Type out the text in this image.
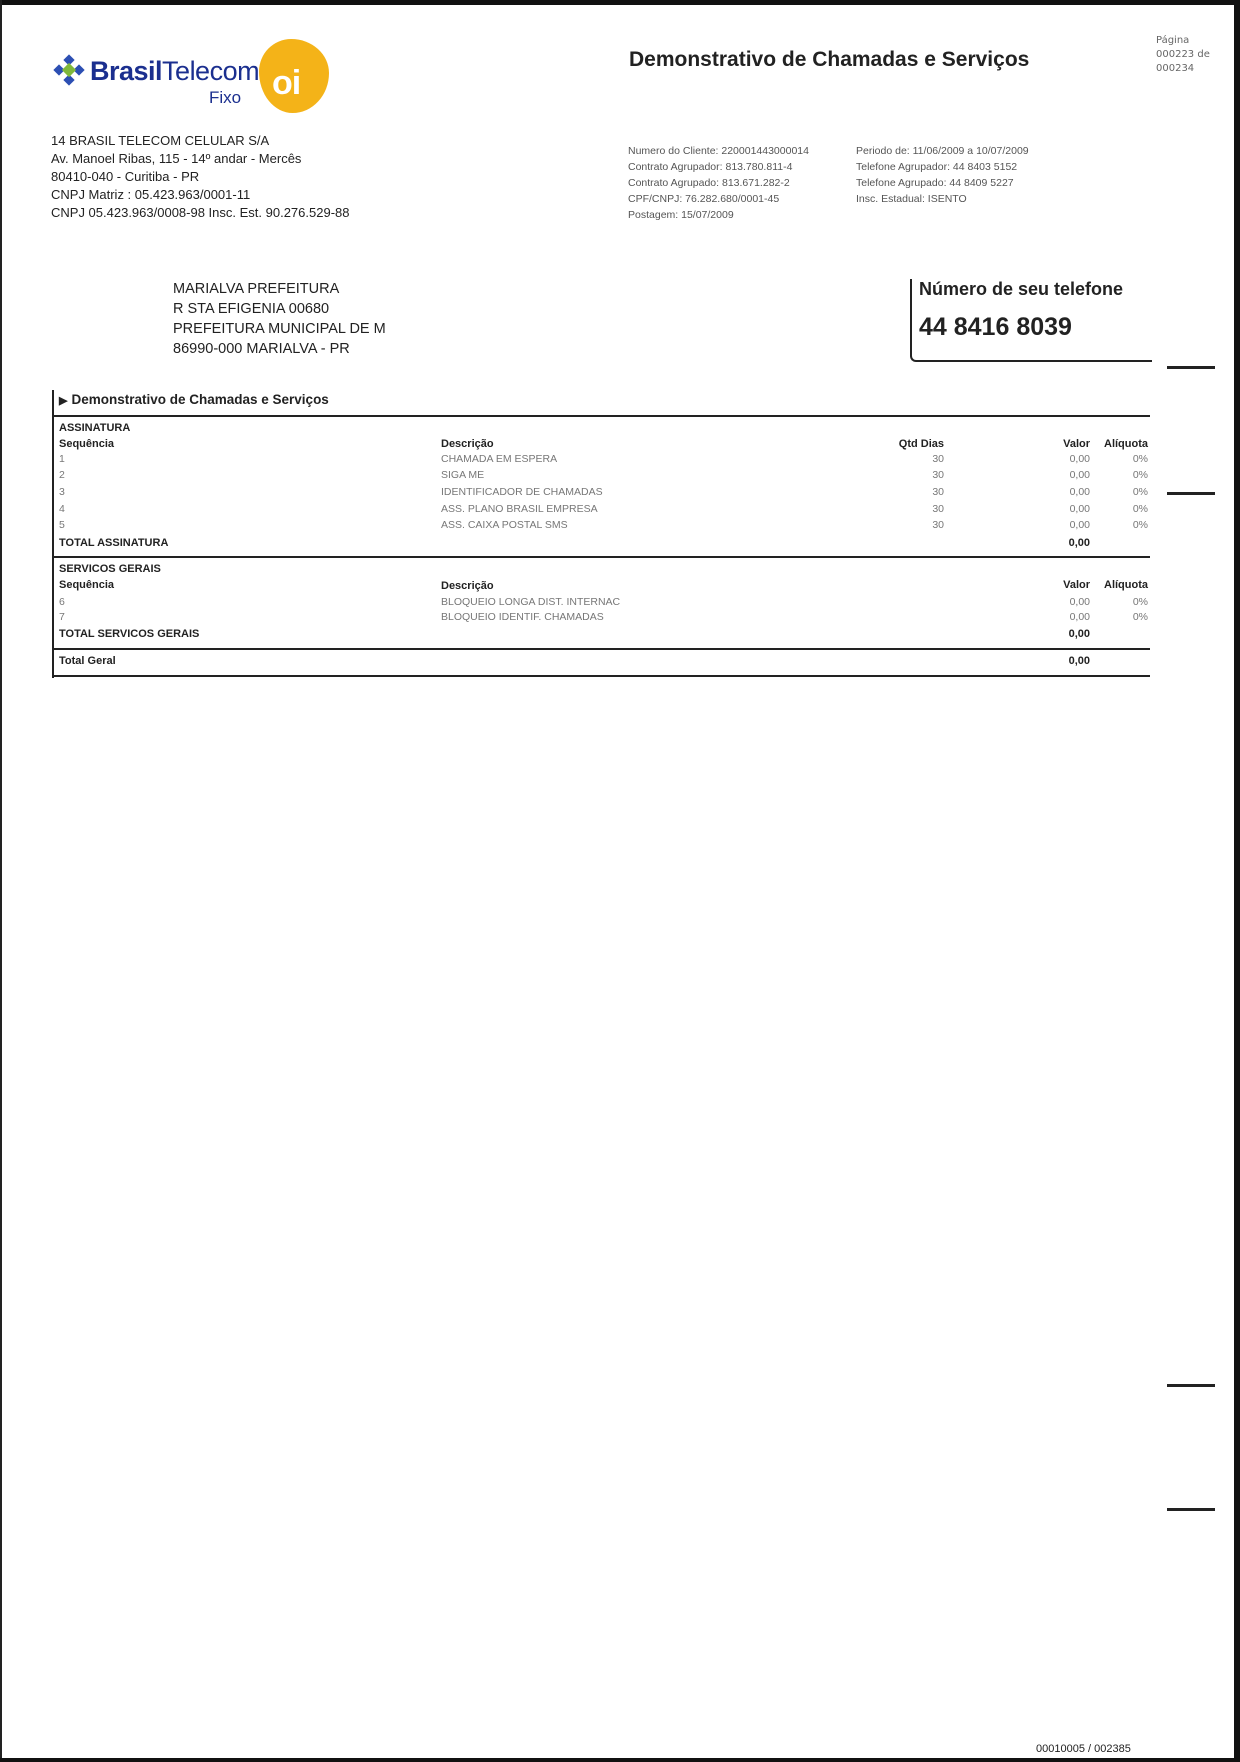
BrasilTelecom
Fixo oi
Demonstrativo de Chamadas e Serviços
Página
000223 de
000234
14 BRASIL TELECOM CELULAR S/A
Av. Manoel Ribas, 115 - 14º andar - Mercês
80410-040 - Curitiba - PR
CNPJ Matriz : 05.423.963/0001-11
CNPJ 05.423.963/0008-98 Insc. Est. 90.276.529-88
Numero do Cliente: 220001443000014
Contrato Agrupador: 813.780.811-4
Contrato Agrupado: 813.671.282-2
CPF/CNPJ: 76.282.680/0001-45
Postagem: 15/07/2009
Periodo de: 11/06/2009 a 10/07/2009
Telefone Agrupador: 44 8403 5152
Telefone Agrupado: 44 8409 5227
Insc. Estadual: ISENTO
MARIALVA PREFEITURA
R STA EFIGENIA 00680
PREFEITURA MUNICIPAL DE M
86990-000 MARIALVA - PR
Número de seu telefone
44 8416 8039
▶ Demonstrativo de Chamadas e Serviços
ASSINATURA
Sequência	Descrição	Qtd Dias	Valor	Alíquota
1	CHAMADA EM ESPERA	30	0,00	0%
2	SIGA ME	30	0,00	0%
3	IDENTIFICADOR DE CHAMADAS	30	0,00	0%
4	ASS. PLANO BRASIL EMPRESA	30	0,00	0%
5	ASS. CAIXA POSTAL SMS	30	0,00	0%
TOTAL ASSINATURA	0,00
SERVICOS GERAIS
Sequência	Descrição	Valor	Alíquota
6	BLOQUEIO LONGA DIST. INTERNAC	0,00	0%
7	BLOQUEIO IDENTIF. CHAMADAS	0,00	0%
TOTAL SERVICOS GERAIS	0,00
Total Geral	0,00
00010005 / 002385
